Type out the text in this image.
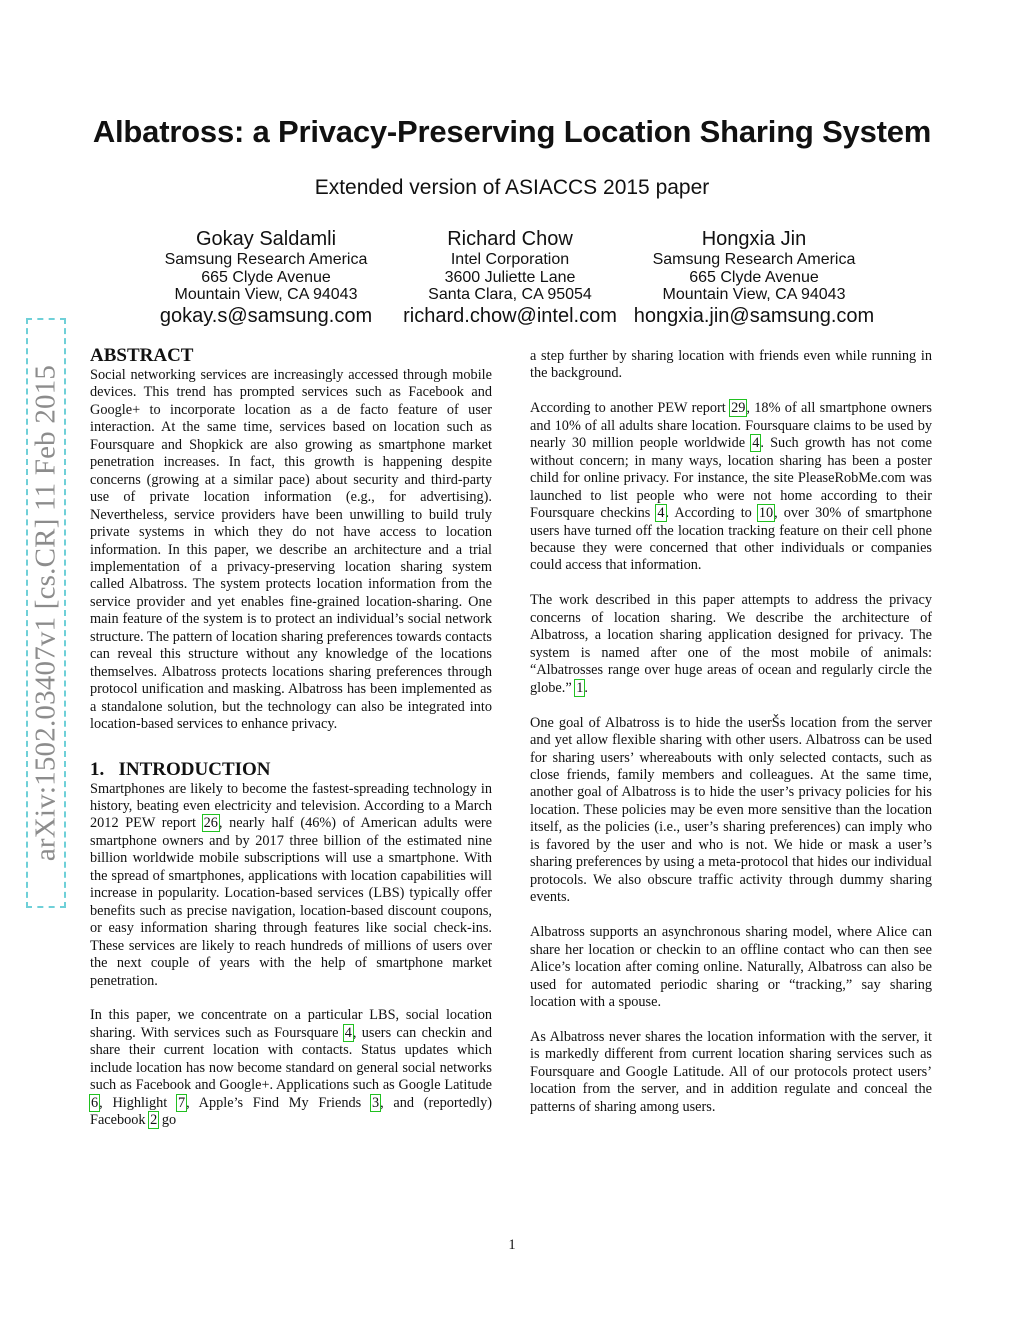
Albatross: a Privacy-Preserving Location Sharing System
Extended version of ASIACCS 2015 paper
Gokay Saldamli
Samsung Research America
665 Clyde Avenue
Mountain View, CA 94043
gokay.s@samsung.com
Richard Chow
Intel Corporation
3600 Juliette Lane
Santa Clara, CA 95054
richard.chow@intel.com
Hongxia Jin
Samsung Research America
665 Clyde Avenue
Mountain View, CA 94043
hongxia.jin@samsung.com
arXiv:1502.03407v1 [cs.CR] 11 Feb 2015
ABSTRACT

Social networking services are increasingly accessed through mobile devices. This trend has prompted services such as Facebook and Google+ to incorporate location as a de facto feature of user interaction. At the same time, services based on location such as Foursquare and Shopkick are also growing as smartphone market penetration increases. In fact, this growth is happening despite concerns (growing at a similar pace) about security and third-party use of private location information (e.g., for advertising). Nevertheless, service providers have been unwilling to build truly private systems in which they do not have access to location information. In this paper, we describe an architecture and a trial implementation of a privacy-preserving location sharing system called Albatross. The system protects location information from the service provider and yet enables fine-grained location-sharing. One main feature of the system is to protect an individual’s social network structure. The pattern of location sharing preferences towards contacts can reveal this structure without any knowledge of the locations themselves. Albatross protects locations sharing preferences through protocol unification and masking. Albatross has been implemented as a standalone solution, but the technology can also be integrated into location-based services to enhance privacy.

1.   INTRODUCTION

Smartphones are likely to become the fastest-spreading technology in history, beating even electricity and television. According to a March 2012 PEW report 26, nearly half (46%) of American adults were smartphone owners and by 2017 three billion of the estimated nine billion worldwide mobile subscriptions will use a smartphone. With the spread of smartphones, applications with location capabilities will increase in popularity. Location-based services (LBS) typically offer benefits such as precise navigation, location-based discount coupons, or easy information sharing through features like social check-ins. These services are likely to reach hundreds of millions of users over the next couple of years with the help of smartphone market penetration.

In this paper, we concentrate on a particular LBS, social location sharing. With services such as Foursquare 4, users can checkin and share their current location with contacts. Status updates which include location has now become standard on general social networks such as Facebook and Google+. Applications such as Google Latitude 6, Highlight 7, Apple’s Find My Friends 3, and (reportedly) Facebook 2 go

a step further by sharing location with friends even while running in the background.

According to another PEW report 29, 18% of all smartphone owners and 10% of all adults share location. Foursquare claims to be used by nearly 30 million people worldwide 4. Such growth has not come without concern; in many ways, location sharing has been a poster child for online privacy. For instance, the site PleaseRobMe.com was launched to list people who were not home according to their Foursquare checkins 4. According to 10, over 30% of smartphone users have turned off the location tracking feature on their cell phone because they were concerned that other individuals or companies could access that information.

The work described in this paper attempts to address the privacy concerns of location sharing. We describe the architecture of Albatross, a location sharing application designed for privacy. The system is named after one of the most mobile of animals: “Albatrosses range over huge areas of ocean and regularly circle the globe.” 1.

One goal of Albatross is to hide the userŠs location from the server and yet allow flexible sharing with other users. Albatross can be used for sharing users’ whereabouts with only selected contacts, such as close friends, family members and colleagues. At the same time, another goal of Albatross is to hide the user’s privacy policies for his location. These policies may be even more sensitive than the location itself, as the policies (i.e., user’s sharing preferences) can imply who is favored by the user and who is not. We hide or mask a user’s sharing preferences by using a meta-protocol that hides our individual protocols. We also obscure traffic activity through dummy sharing events.

Albatross supports an asynchronous sharing model, where Alice can share her location or checkin to an offline contact who can then see Alice’s location after coming online. Naturally, Albatross can also be used for automated periodic sharing or “tracking,” say sharing location with a spouse.

As Albatross never shares the location information with the server, it is markedly different from current location sharing services such as Foursquare and Google Latitude. All of our protocols protect users’ location from the server, and in addition regulate and conceal the patterns of sharing among users.

1
